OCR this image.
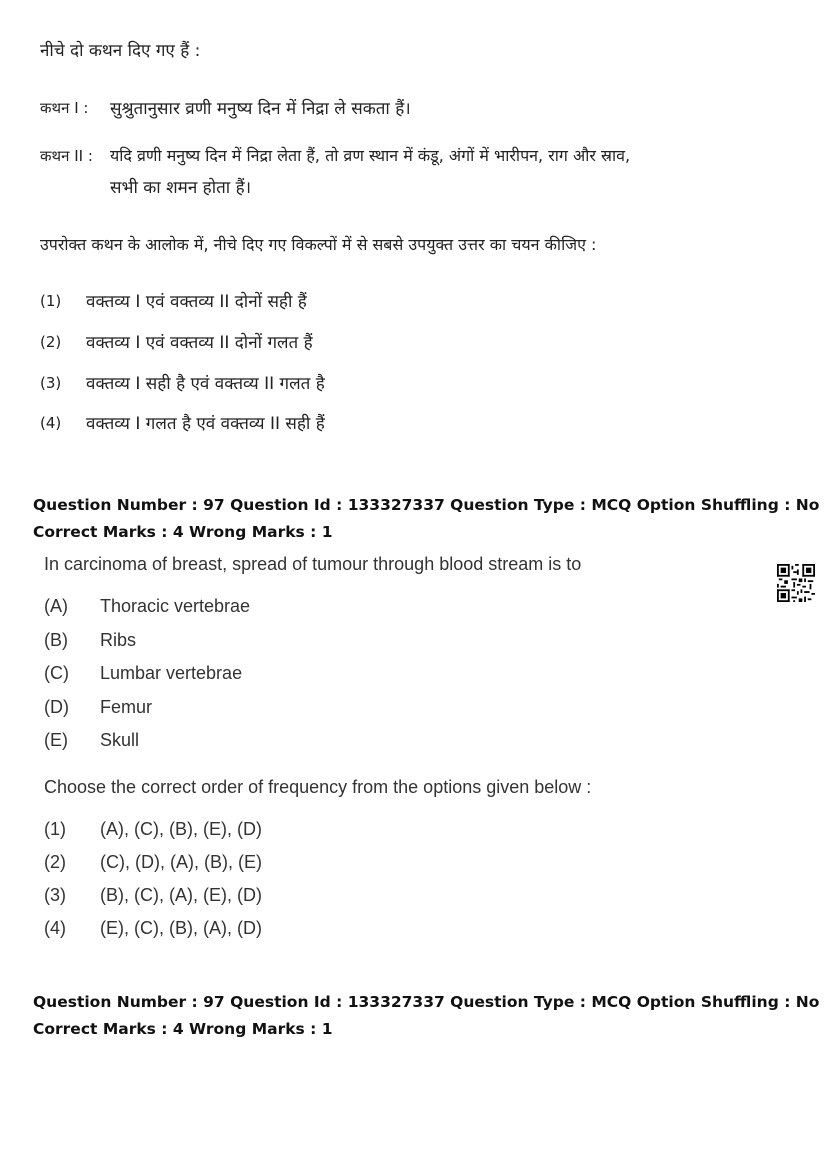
नीचे दो कथन दिए गए हैं :
कथन I : सुश्रुतानुसार व्रणी मनुष्य दिन में निद्रा ले सकता हैं।
कथन II : यदि व्रणी मनुष्य दिन में निद्रा लेता हैं, तो व्रण स्थान में कंडू, अंगों में भारीपन, राग और स्राव,
सभी का शमन होता हैं।
उपरोक्त कथन के आलोक में, नीचे दिए गए विकल्पों में से सबसे उपयुक्त उत्तर का चयन कीजिए :
(1) वक्तव्य I एवं वक्तव्य II दोनों सही हैं
(2) वक्तव्य I एवं वक्तव्य II दोनों गलत हैं
(3) वक्तव्य I सही है एवं वक्तव्य II गलत है
(4) वक्तव्य I गलत है एवं वक्तव्य II सही हैं
Question Number : 97 Question Id : 133327337 Question Type : MCQ Option Shuffling : No
Correct Marks : 4 Wrong Marks : 1
In carcinoma of breast, spread of tumour through blood stream is to
(A) Thoracic vertebrae
(B) Ribs
(C) Lumbar vertebrae
(D) Femur
(E) Skull
Choose the correct order of frequency from the options given below :
(1) (A), (C), (B), (E), (D)
(2) (C), (D), (A), (B), (E)
(3) (B), (C), (A), (E), (D)
(4) (E), (C), (B), (A), (D)
Question Number : 97 Question Id : 133327337 Question Type : MCQ Option Shuffling : No
Correct Marks : 4 Wrong Marks : 1
